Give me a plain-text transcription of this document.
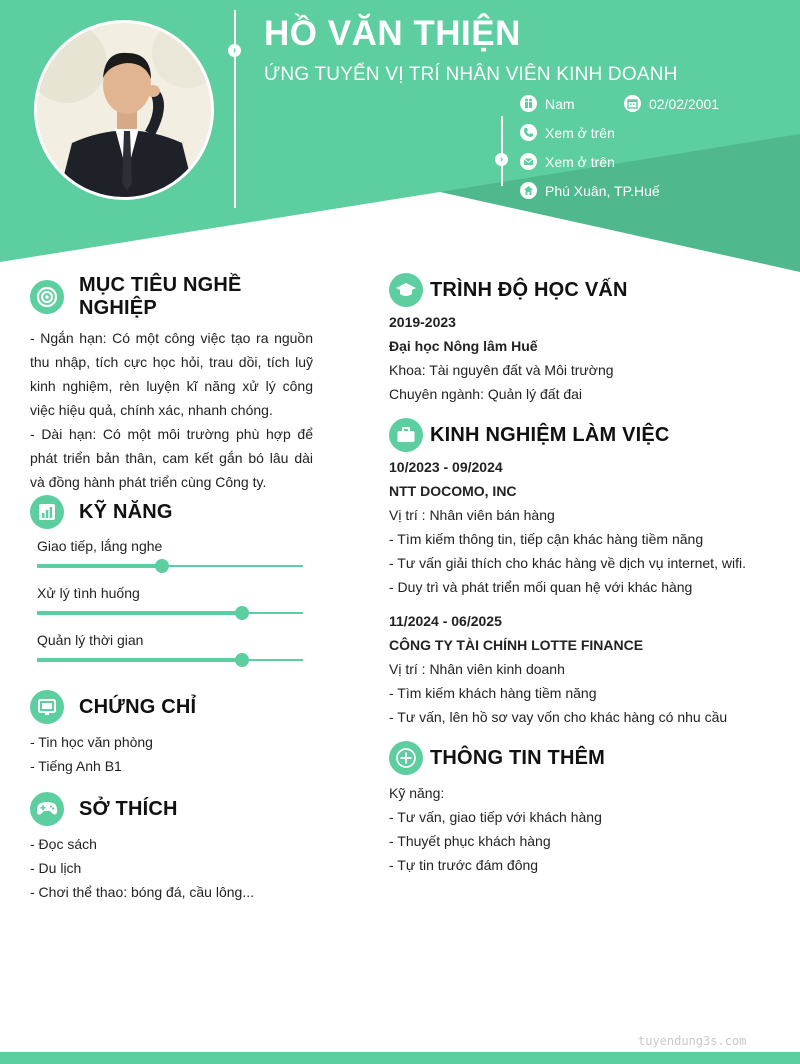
› HỒ VĂN THIỆN
ỨNG TUYỂN VỊ TRÍ NHÂN VIÊN KINH DOANH
›
Nam	02/02/2001
Xem ở trên
Xem ở trên
Phú Xuân, TP.Huế
MỤC TIÊU NGHỀ NGHIỆP
- Ngắn hạn: Có một công việc tạo ra nguồn thu nhập, tích cực học hỏi, trau dồi, tích luỹ kinh nghiệm, rèn luyện kĩ năng xử lý công việc hiệu quả, chính xác, nhanh chóng.
- Dài hạn: Có một môi trường phù hợp để phát triển bản thân, cam kết gắn bó lâu dài và đồng hành phát triển cùng Công ty.
KỸ NĂNG
Giao tiếp, lắng nghe
Xử lý tình huống
Quản lý thời gian
CHỨNG CHỈ
- Tin học văn phòng
- Tiếng Anh B1
SỞ THÍCH
- Đọc sách
- Du lịch
- Chơi thể thao: bóng đá, cầu lông...
TRÌNH ĐỘ HỌC VẤN
2019-2023
Đại học Nông lâm Huế
Khoa: Tài nguyên đất và Môi trường
Chuyên ngành: Quản lý đất đai
KINH NGHIỆM LÀM VIỆC
10/2023 - 09/2024
NTT DOCOMO, INC
Vị trí : Nhân viên bán hàng
- Tìm kiếm thông tin, tiếp cận khác hàng tiềm năng
- Tư vấn giải thích cho khác hàng về dịch vụ internet, wifi.
- Duy trì và phát triển mối quan hệ với khác hàng
11/2024 - 06/2025
CÔNG TY TÀI CHÍNH LOTTE FINANCE
Vị trí : Nhân viên kinh doanh
- Tìm kiếm khách hàng tiềm năng
- Tư vấn, lên hồ sơ vay vốn cho khác hàng có nhu cầu
THÔNG TIN THÊM
Kỹ năng:
- Tư vấn, giao tiếp với khách hàng
- Thuyết phục khách hàng
- Tự tin trước đám đông
tuyendung3s.com
